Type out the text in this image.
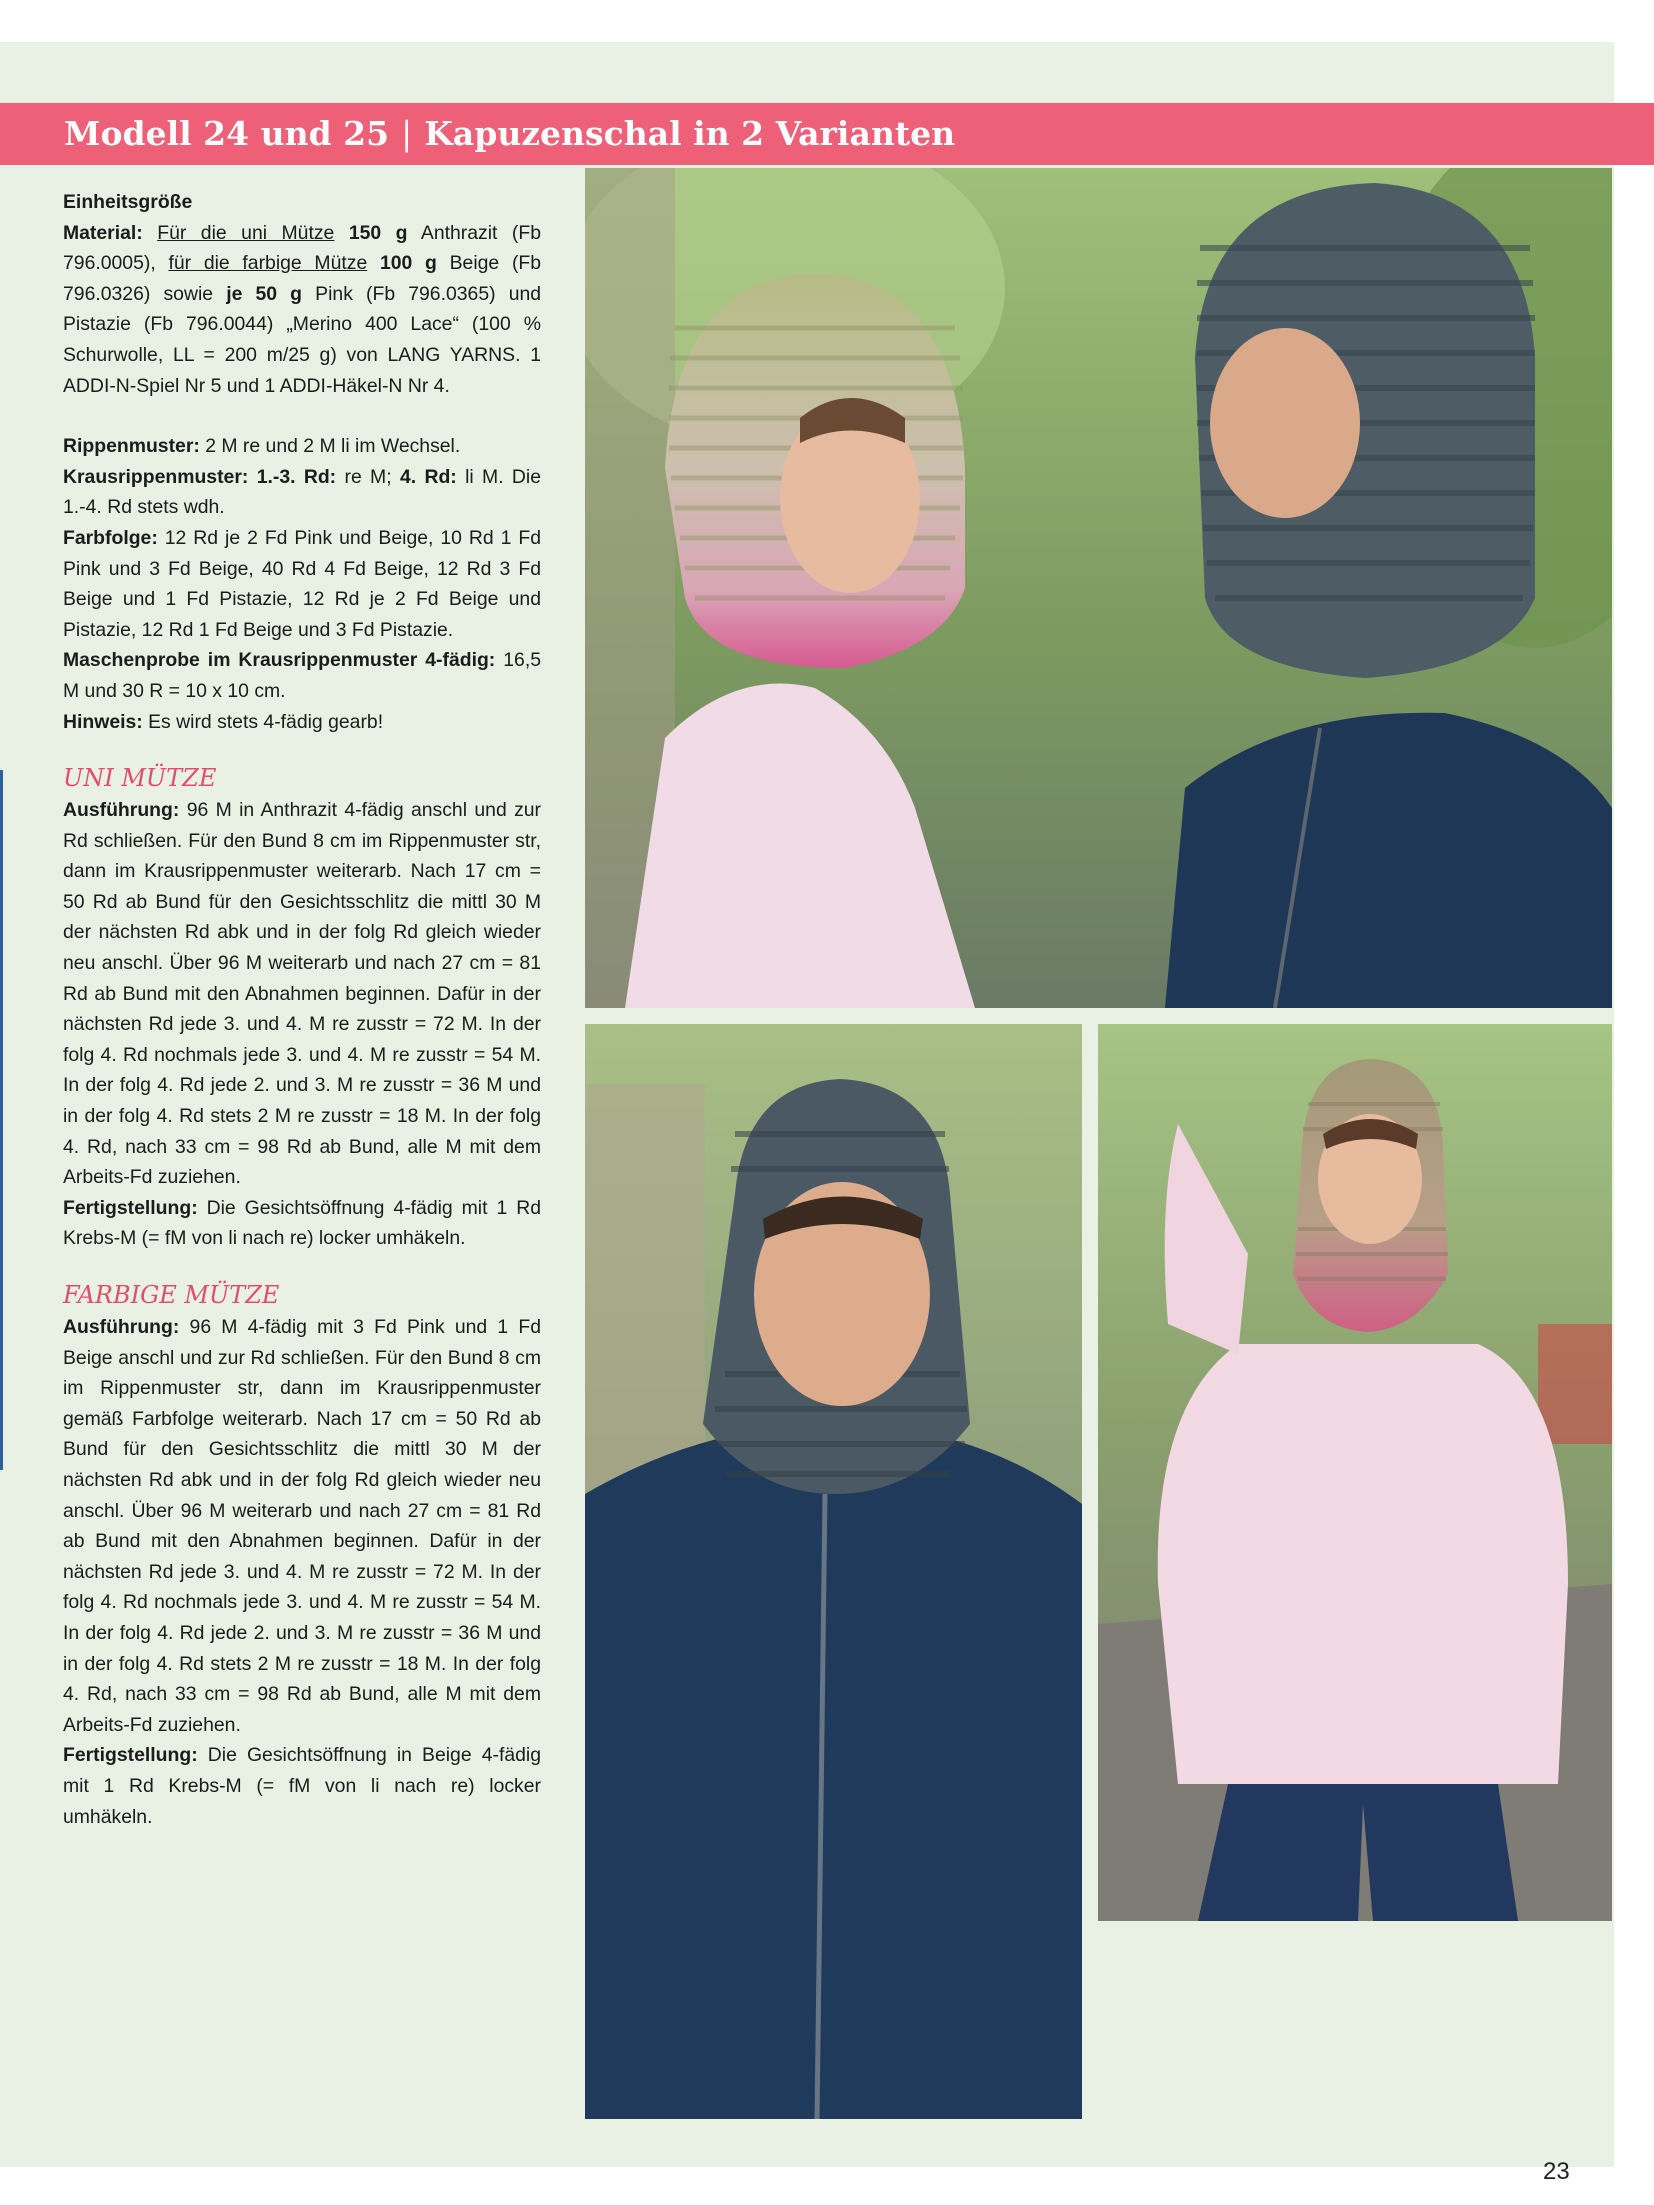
Modell 24 und 25 | Kapuzenschal in 2 Varianten

Einheitsgröße

Material: Für die uni Mütze 150 g Anthrazit (Fb 796.0005), für die farbige Mütze 100 g Beige (Fb 796.0326) sowie je 50 g Pink (Fb 796.0365) und Pistazie (Fb 796.0044) „Merino 400 Lace“ (100 % Schurwolle, LL = 200 m/25 g) von LANG YARNS. 1 ADDI-N-Spiel Nr 5 und 1 ADDI-Häkel-N Nr 4.

Rippenmuster: 2 M re und 2 M li im Wechsel.

Krausrippenmuster: 1.-3. Rd: re M; 4. Rd: li M. Die 1.-4. Rd stets wdh.

Farbfolge: 12 Rd je 2 Fd Pink und Beige, 10 Rd 1 Fd Pink und 3 Fd Beige, 40 Rd 4 Fd Beige, 12 Rd 3 Fd Beige und 1 Fd Pistazie, 12 Rd je 2 Fd Beige und Pistazie, 12 Rd 1 Fd Beige und 3 Fd Pistazie.

Maschenprobe im Krausrippenmuster 4-fädig: 16,5 M und 30 R = 10 x 10 cm.

Hinweis: Es wird stets 4-fädig gearb!

UNI MÜTZE

Ausführung: 96 M in Anthrazit 4-fädig anschl und zur Rd schließen. Für den Bund 8 cm im Rippenmuster str, dann im Krausrippenmuster weiterarb. Nach 17 cm = 50 Rd ab Bund für den Gesichtsschlitz die mittl 30 M der nächsten Rd abk und in der folg Rd gleich wieder neu anschl. Über 96 M weiterarb und nach 27 cm = 81 Rd ab Bund mit den Abnahmen beginnen. Dafür in der nächsten Rd jede 3. und 4. M re zusstr = 72 M. In der folg 4. Rd nochmals jede 3. und 4. M re zusstr = 54 M. In der folg 4. Rd jede 2. und 3. M re zusstr = 36 M und in der folg 4. Rd stets 2 M re zusstr = 18 M. In der folg 4. Rd, nach 33 cm = 98 Rd ab Bund, alle M mit dem Arbeits-Fd zuziehen.

Fertigstellung: Die Gesichtsöffnung 4-fädig mit 1 Rd Krebs-M (= fM von li nach re) locker umhäkeln.

FARBIGE MÜTZE

Ausführung: 96 M 4-fädig mit 3 Fd Pink und 1 Fd Beige anschl und zur Rd schließen. Für den Bund 8 cm im Rippenmuster str, dann im Krausrippenmuster gemäß Farbfolge weiterarb. Nach 17 cm = 50 Rd ab Bund für den Gesichtsschlitz die mittl 30 M der nächsten Rd abk und in der folg Rd gleich wieder neu anschl. Über 96 M weiterarb und nach 27 cm = 81 Rd ab Bund mit den Abnahmen beginnen. Dafür in der nächsten Rd jede 3. und 4. M re zusstr = 72 M. In der folg 4. Rd nochmals jede 3. und 4. M re zusstr = 54 M. In der folg 4. Rd jede 2. und 3. M re zusstr = 36 M und in der folg 4. Rd stets 2 M re zusstr = 18 M. In der folg 4. Rd, nach 33 cm = 98 Rd ab Bund, alle M mit dem Arbeits-Fd zuziehen.

Fertigstellung: Die Gesichtsöffnung in Beige 4-fädig mit 1 Rd Krebs-M (= fM von li nach re) locker umhäkeln.

23
